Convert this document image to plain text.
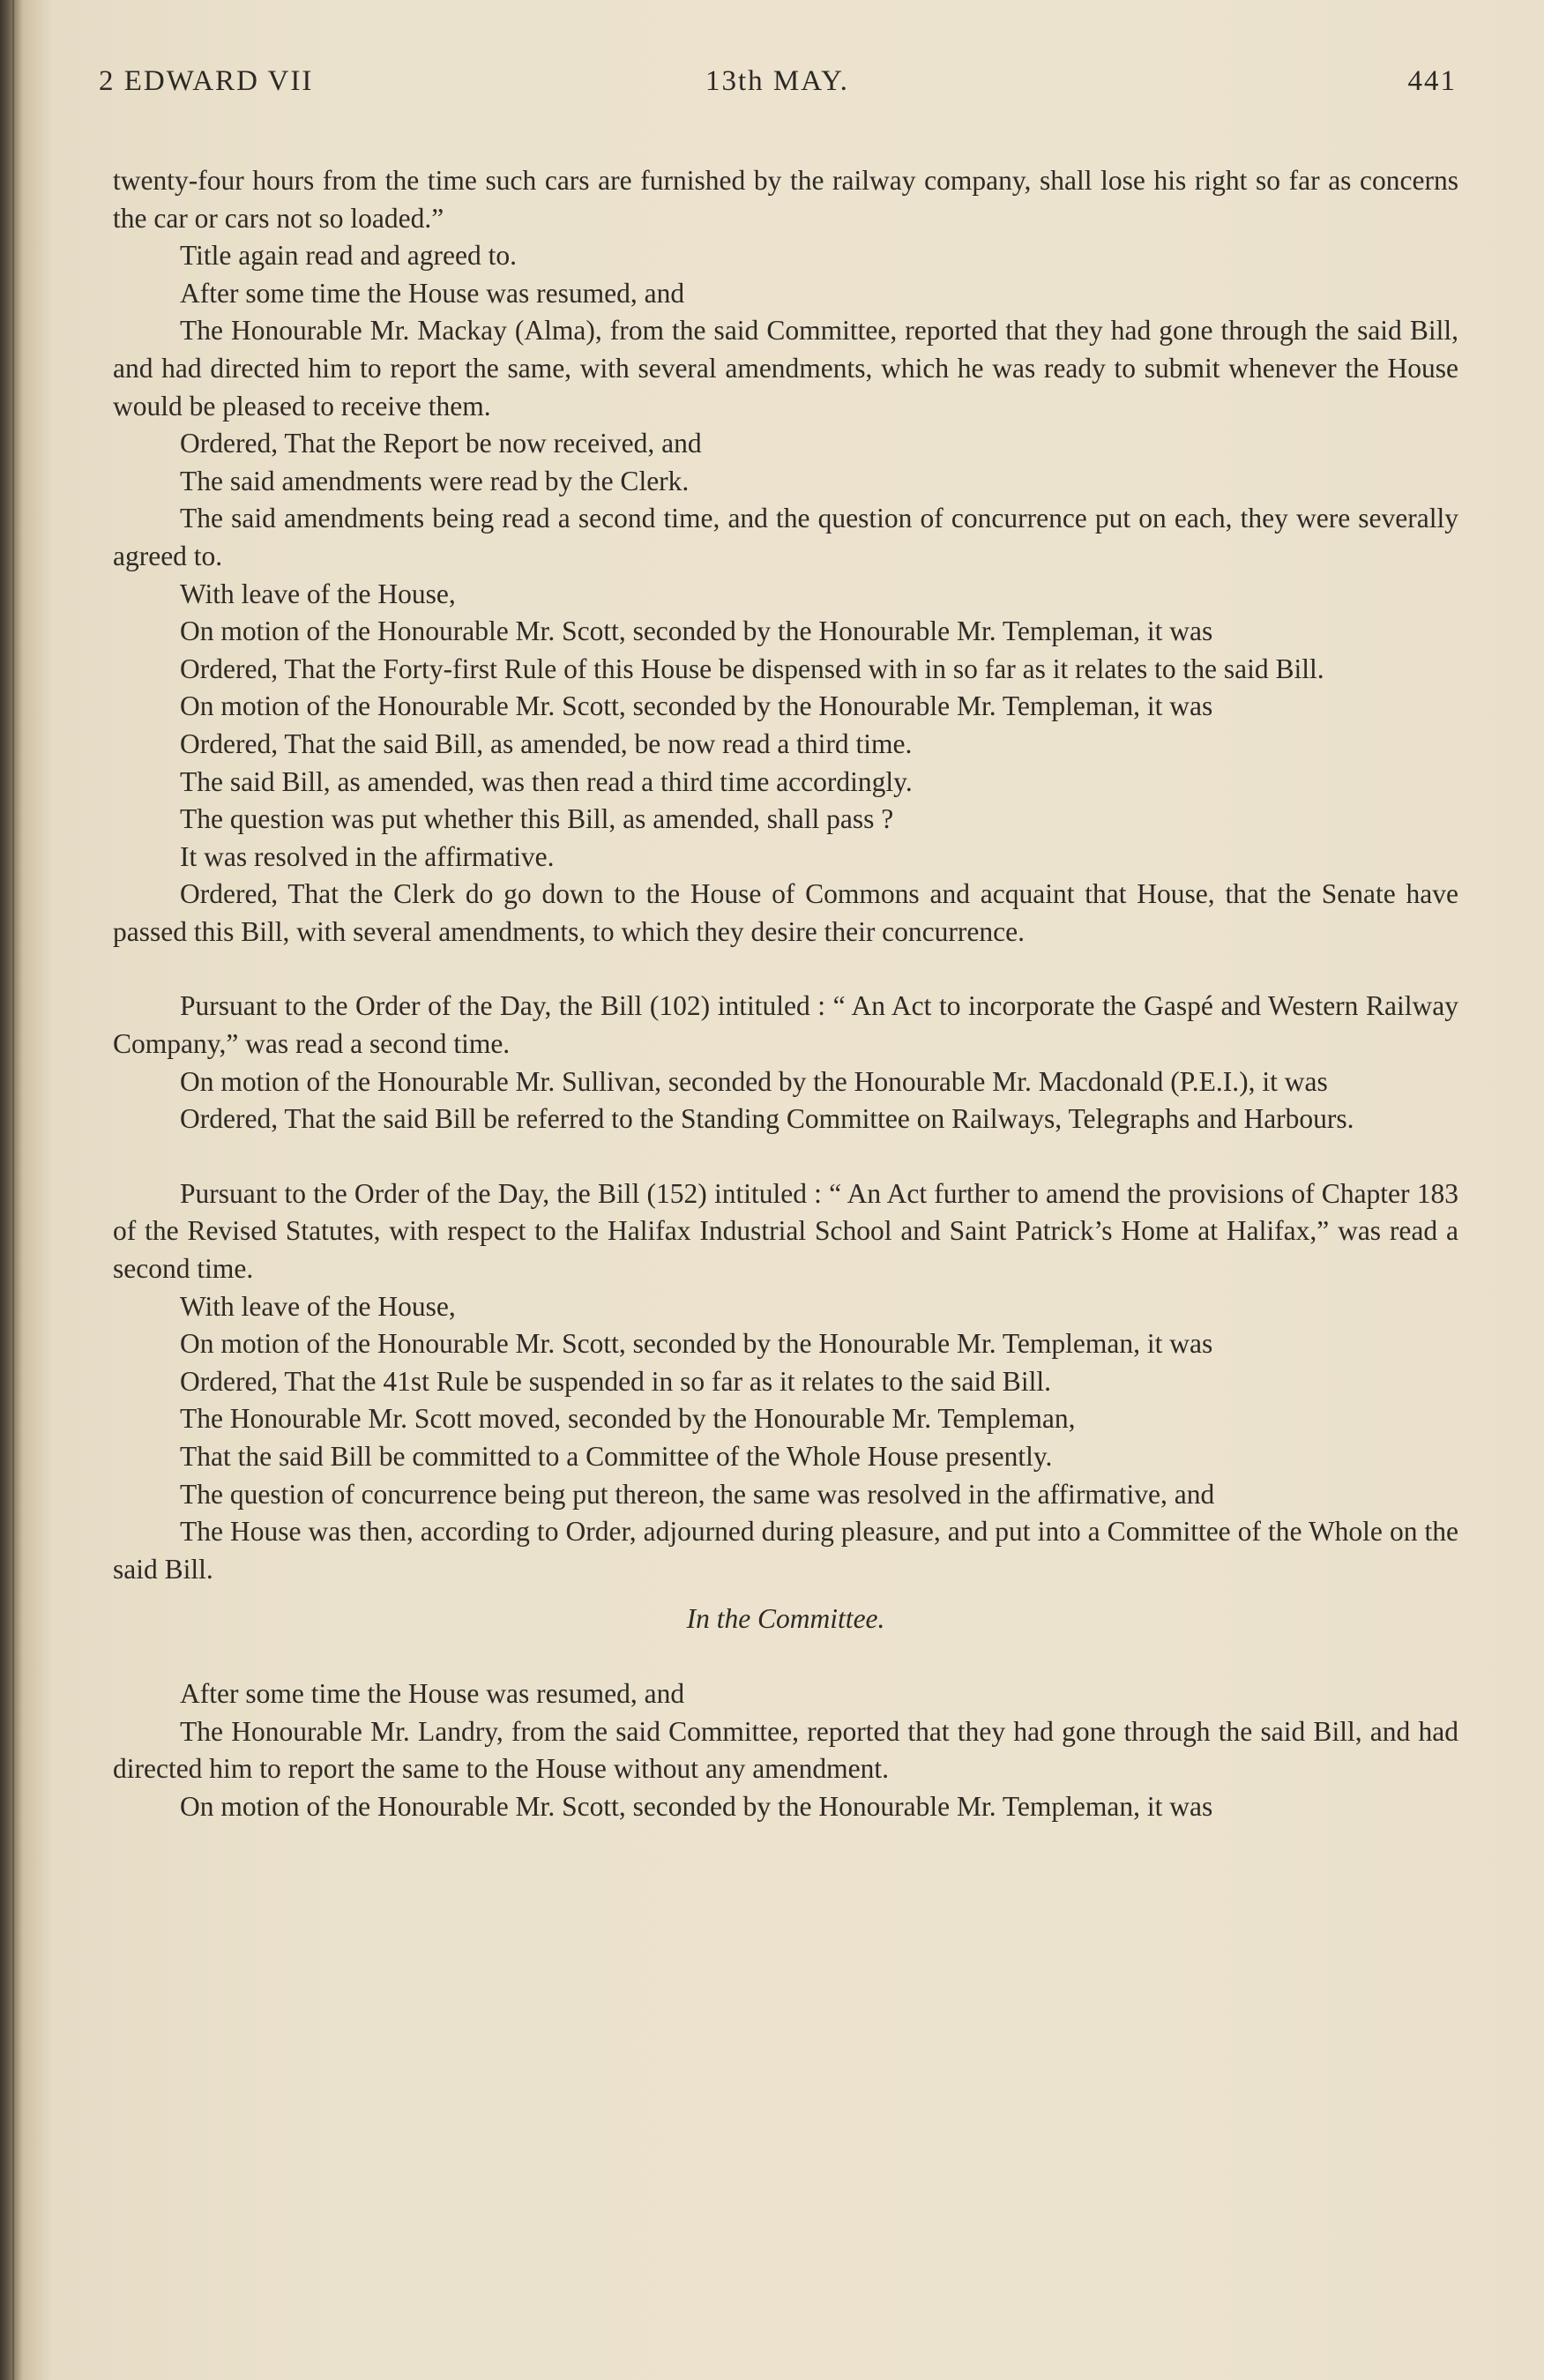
2 EDWARD VII	13th MAY.	441

twenty-four hours from the time such cars are furnished by the railway company, shall lose his right so far as concerns the car or cars not so loaded.”

Title again read and agreed to.

After some time the House was resumed, and

The Honourable Mr. Mackay (Alma), from the said Committee, reported that they had gone through the said Bill, and had directed him to report the same, with several amendments, which he was ready to submit whenever the House would be pleased to receive them.

Ordered, That the Report be now received, and

The said amendments were read by the Clerk.

The said amendments being read a second time, and the question of concurrence put on each, they were severally agreed to.

With leave of the House,

On motion of the Honourable Mr. Scott, seconded by the Honourable Mr. Templeman, it was

Ordered, That the Forty-first Rule of this House be dispensed with in so far as it relates to the said Bill.

On motion of the Honourable Mr. Scott, seconded by the Honourable Mr. Templeman, it was

Ordered, That the said Bill, as amended, be now read a third time.

The said Bill, as amended, was then read a third time accordingly.

The question was put whether this Bill, as amended, shall pass ?

It was resolved in the affirmative.

Ordered, That the Clerk do go down to the House of Commons and acquaint that House, that the Senate have passed this Bill, with several amendments, to which they desire their concurrence.

Pursuant to the Order of the Day, the Bill (102) intituled : “ An Act to incorporate the Gaspé and Western Railway Company,” was read a second time.

On motion of the Honourable Mr. Sullivan, seconded by the Honourable Mr. Macdonald (P.E.I.), it was

Ordered, That the said Bill be referred to the Standing Committee on Railways, Telegraphs and Harbours.

Pursuant to the Order of the Day, the Bill (152) intituled : “ An Act further to amend the provisions of Chapter 183 of the Revised Statutes, with respect to the Halifax Industrial School and Saint Patrick’s Home at Halifax,” was read a second time.

With leave of the House,

On motion of the Honourable Mr. Scott, seconded by the Honourable Mr. Templeman, it was

Ordered, That the 41st Rule be suspended in so far as it relates to the said Bill.

The Honourable Mr. Scott moved, seconded by the Honourable Mr. Templeman,

That the said Bill be committed to a Committee of the Whole House presently.

The question of concurrence being put thereon, the same was resolved in the affirmative, and

The House was then, according to Order, adjourned during pleasure, and put into a Committee of the Whole on the said Bill.

In the Committee.

After some time the House was resumed, and

The Honourable Mr. Landry, from the said Committee, reported that they had gone through the said Bill, and had directed him to report the same to the House without any amendment.

On motion of the Honourable Mr. Scott, seconded by the Honourable Mr. Templeman, it was
